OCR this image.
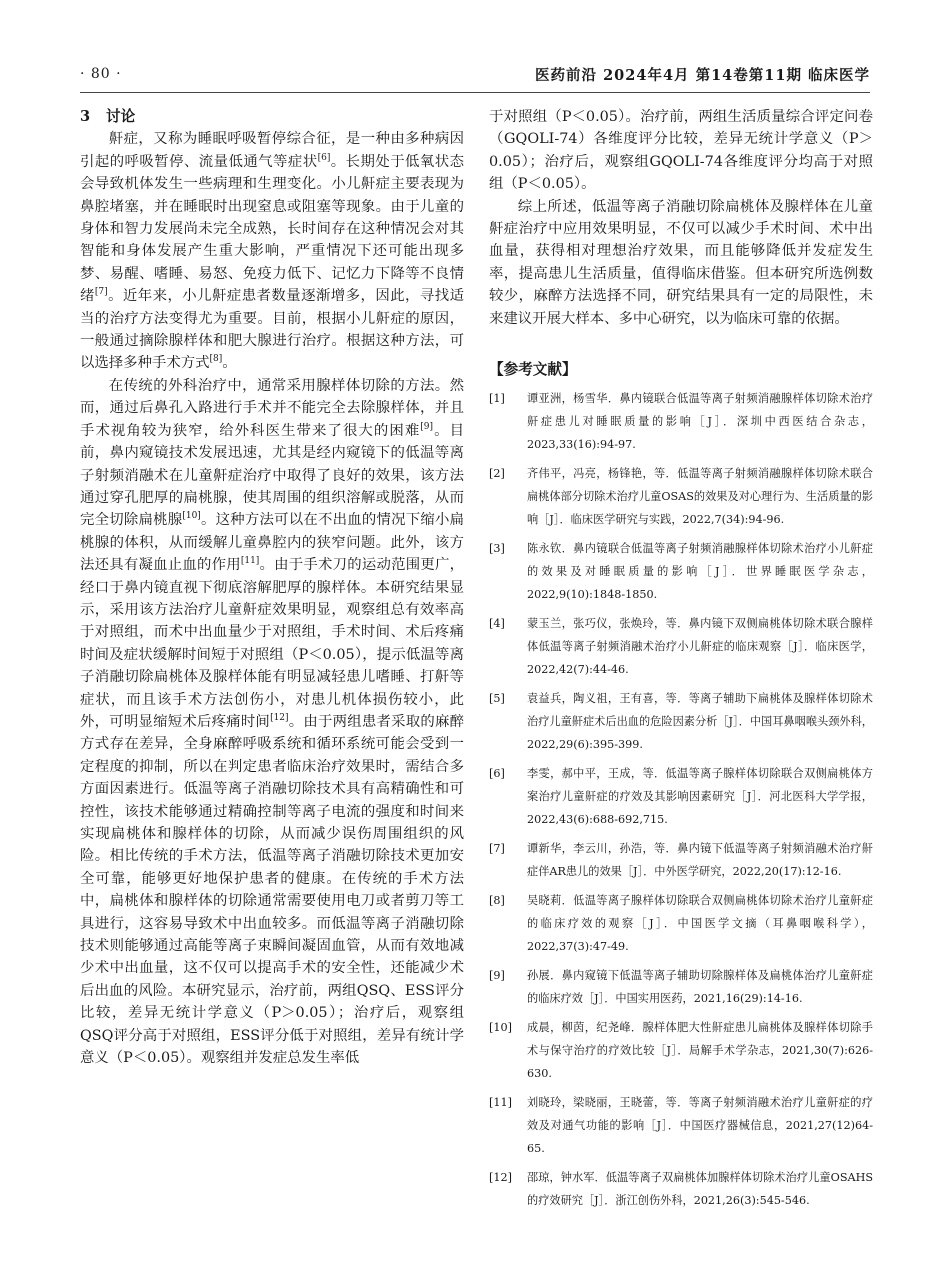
· 80 ·	医药前沿 2024年4月 第14卷第11期 临床医学

3 讨论

鼾症，又称为睡眠呼吸暂停综合征，是一种由多种病因引起的呼吸暂停、流量低通气等症状[6]。长期处于低氧状态会导致机体发生一些病理和生理变化。小儿鼾症主要表现为鼻腔堵塞，并在睡眠时出现窒息或阻塞等现象。由于儿童的身体和智力发展尚未完全成熟，长时间存在这种情况会对其智能和身体发展产生重大影响，严重情况下还可能出现多梦、易醒、嗜睡、易怒、免疫力低下、记忆力下降等不良情绪[7]。近年来，小儿鼾症患者数量逐渐增多，因此，寻找适当的治疗方法变得尤为重要。目前，根据小儿鼾症的原因，一般通过摘除腺样体和肥大腺进行治疗。根据这种方法，可以选择多种手术方式[8]。

在传统的外科治疗中，通常采用腺样体切除的方法。然而，通过后鼻孔入路进行手术并不能完全去除腺样体，并且手术视角较为狭窄，给外科医生带来了很大的困难[9]。目前，鼻内窥镜技术发展迅速，尤其是经内窥镜下的低温等离子射频消融术在儿童鼾症治疗中取得了良好的效果，该方法通过穿孔肥厚的扁桃腺，使其周围的组织溶解或脱落，从而完全切除扁桃腺[10]。这种方法可以在不出血的情况下缩小扁桃腺的体积，从而缓解儿童鼻腔内的狭窄问题。此外，该方法还具有凝血止血的作用[11]。由于手术刀的运动范围更广，经口于鼻内镜直视下彻底溶解肥厚的腺样体。本研究结果显示，采用该方法治疗儿童鼾症效果明显，观察组总有效率高于对照组，而术中出血量少于对照组，手术时间、术后疼痛时间及症状缓解时间短于对照组（P＜0.05），提示低温等离子消融切除扁桃体及腺样体能有明显减轻患儿嗜睡、打鼾等症状，而且该手术方法创伤小，对患儿机体损伤较小，此外，可明显缩短术后疼痛时间[12]。由于两组患者采取的麻醉方式存在差异，全身麻醉呼吸系统和循环系统可能会受到一定程度的抑制，所以在判定患者临床治疗效果时，需结合多方面因素进行。低温等离子消融切除技术具有高精确性和可控性，该技术能够通过精确控制等离子电流的强度和时间来实现扁桃体和腺样体的切除，从而减少误伤周围组织的风险。相比传统的手术方法，低温等离子消融切除技术更加安全可靠，能够更好地保护患者的健康。在传统的手术方法中，扁桃体和腺样体的切除通常需要使用电刀或者剪刀等工具进行，这容易导致术中出血较多。而低温等离子消融切除技术则能够通过高能等离子束瞬间凝固血管，从而有效地减少术中出血量，这不仅可以提高手术的安全性，还能减少术后出血的风险。本研究显示，治疗前，两组QSQ、ESS评分比较，差异无统计学意义（P＞0.05）；治疗后，观察组QSQ评分高于对照组，ESS评分低于对照组，差异有统计学意义（P＜0.05）。观察组并发症总发生率低

于对照组（P＜0.05）。治疗前，两组生活质量综合评定问卷（GQOLI-74）各维度评分比较，差异无统计学意义（P＞0.05）；治疗后，观察组GQOLI-74各维度评分均高于对照组（P＜0.05）。

综上所述，低温等离子消融切除扁桃体及腺样体在儿童鼾症治疗中应用效果明显，不仅可以减少手术时间、术中出血量，获得相对理想治疗效果，而且能够降低并发症发生率，提高患儿生活质量，值得临床借鉴。但本研究所选例数较少，麻醉方法选择不同，研究结果具有一定的局限性，未来建议开展大样本、多中心研究，以为临床可靠的依据。

【参考文献】

[1]	谭亚洲，杨雪华．鼻内镜联合低温等离子射频消融腺样体切除术治疗鼾症患儿对睡眠质量的影响［J］．深圳中西医结合杂志，2023,33(16):94-97.

[2]	齐伟平，冯亮，杨锋艳，等．低温等离子射频消融腺样体切除术联合扁桃体部分切除术治疗儿童OSAS的效果及对心理行为、生活质量的影响［J］．临床医学研究与实践，2022,7(34):94-96.

[3]	陈永钦．鼻内镜联合低温等离子射频消融腺样体切除术治疗小儿鼾症的效果及对睡眠质量的影响［J］．世界睡眠医学杂志，2022,9(10):1848-1850.

[4]	蒙玉兰，张巧仪，张焕玲，等．鼻内镜下双侧扁桃体切除术联合腺样体低温等离子射频消融术治疗小儿鼾症的临床观察［J］．临床医学，2022,42(7):44-46.

[5]	袁益兵，陶义祖，王有喜，等．等离子辅助下扁桃体及腺样体切除术治疗儿童鼾症术后出血的危险因素分析［J］．中国耳鼻咽喉头颈外科，2022,29(6):395-399.

[6]	李雯，郝中平，王成，等．低温等离子腺样体切除联合双侧扁桃体方案治疗儿童鼾症的疗效及其影响因素研究［J］．河北医科大学学报，2022,43(6):688-692,715.

[7]	谭新华，李云川，孙浩，等．鼻内镜下低温等离子射频消融术治疗鼾症伴AR患儿的效果［J］．中外医学研究，2022,20(17):12-16.

[8]	吴晓莉．低温等离子腺样体切除联合双侧扁桃体切除术治疗儿童鼾症的临床疗效的观察［J］．中国医学文摘（耳鼻咽喉科学），2022,37(3):47-49.

[9]	孙展．鼻内窥镜下低温等离子辅助切除腺样体及扁桃体治疗儿童鼾症的临床疗效［J］．中国实用医药，2021,16(29):14-16.

[10]	成晨，柳茵，纪尧峰．腺样体肥大性鼾症患儿扁桃体及腺样体切除手术与保守治疗的疗效比较［J］．局解手术学杂志，2021,30(7):626-630.

[11]	刘晓玲，梁晓丽，王晓蕾，等．等离子射频消融术治疗儿童鼾症的疗效及对通气功能的影响［J］．中国医疗器械信息，2021,27(12)64-65.

[12]	邵琼，钟水军．低温等离子双扁桃体加腺样体切除术治疗儿童OSAHS的疗效研究［J］．浙江创伤外科，2021,26(3):545-546.
